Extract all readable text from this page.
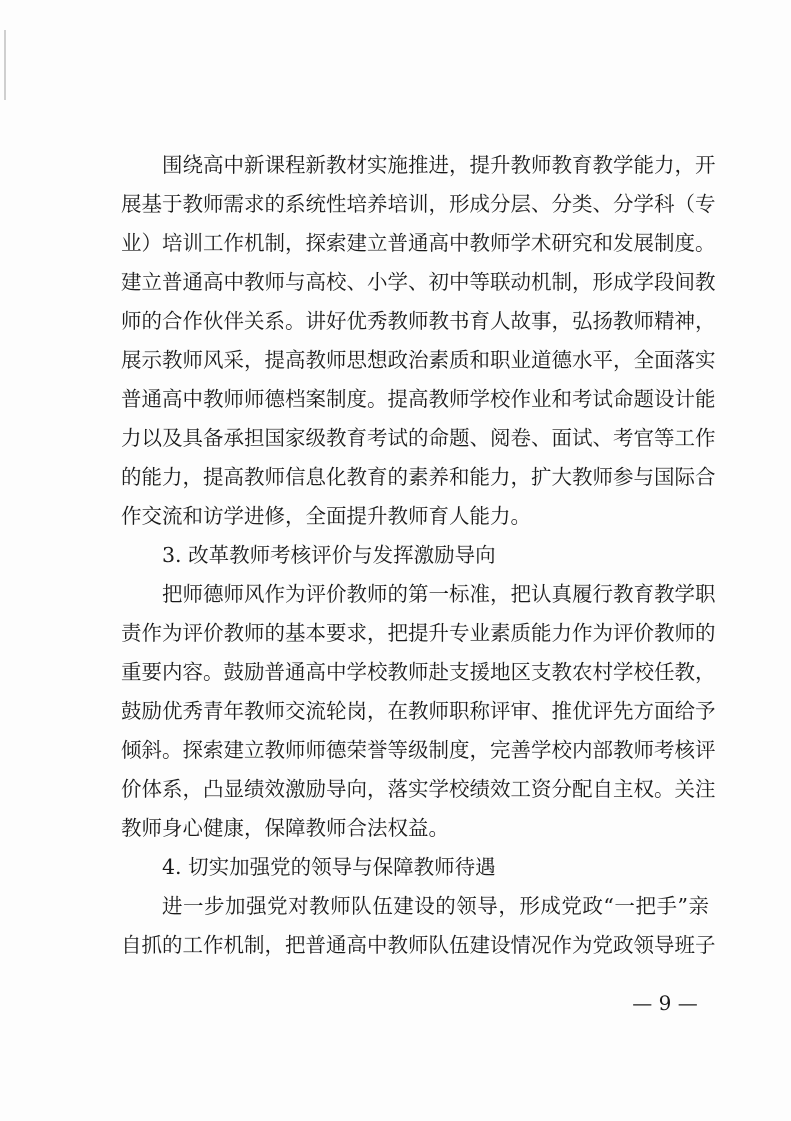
围绕高中新课程新教材实施推进，提升教师教育教学能力，开
展基于教师需求的系统性培养培训，形成分层、分类、分学科（专
业）培训工作机制，探索建立普通高中教师学术研究和发展制度。
建立普通高中教师与高校、小学、初中等联动机制，形成学段间教
师的合作伙伴关系。讲好优秀教师教书育人故事，弘扬教师精神，
展示教师风采，提高教师思想政治素质和职业道德水平，全面落实
普通高中教师师德档案制度。提高教师学校作业和考试命题设计能
力以及具备承担国家级教育考试的命题、阅卷、面试、考官等工作
的能力，提高教师信息化教育的素养和能力，扩大教师参与国际合
作交流和访学进修，全面提升教师育人能力。
3. 改革教师考核评价与发挥激励导向
把师德师风作为评价教师的第一标准，把认真履行教育教学职
责作为评价教师的基本要求，把提升专业素质能力作为评价教师的
重要内容。鼓励普通高中学校教师赴支援地区支教农村学校任教，
鼓励优秀青年教师交流轮岗，在教师职称评审、推优评先方面给予
倾斜。探索建立教师师德荣誉等级制度，完善学校内部教师考核评
价体系，凸显绩效激励导向，落实学校绩效工资分配自主权。关注
教师身心健康，保障教师合法权益。
4. 切实加强党的领导与保障教师待遇
进一步加强党对教师队伍建设的领导，形成党政“一把手”亲
自抓的工作机制，把普通高中教师队伍建设情况作为党政领导班子
— 9 —
